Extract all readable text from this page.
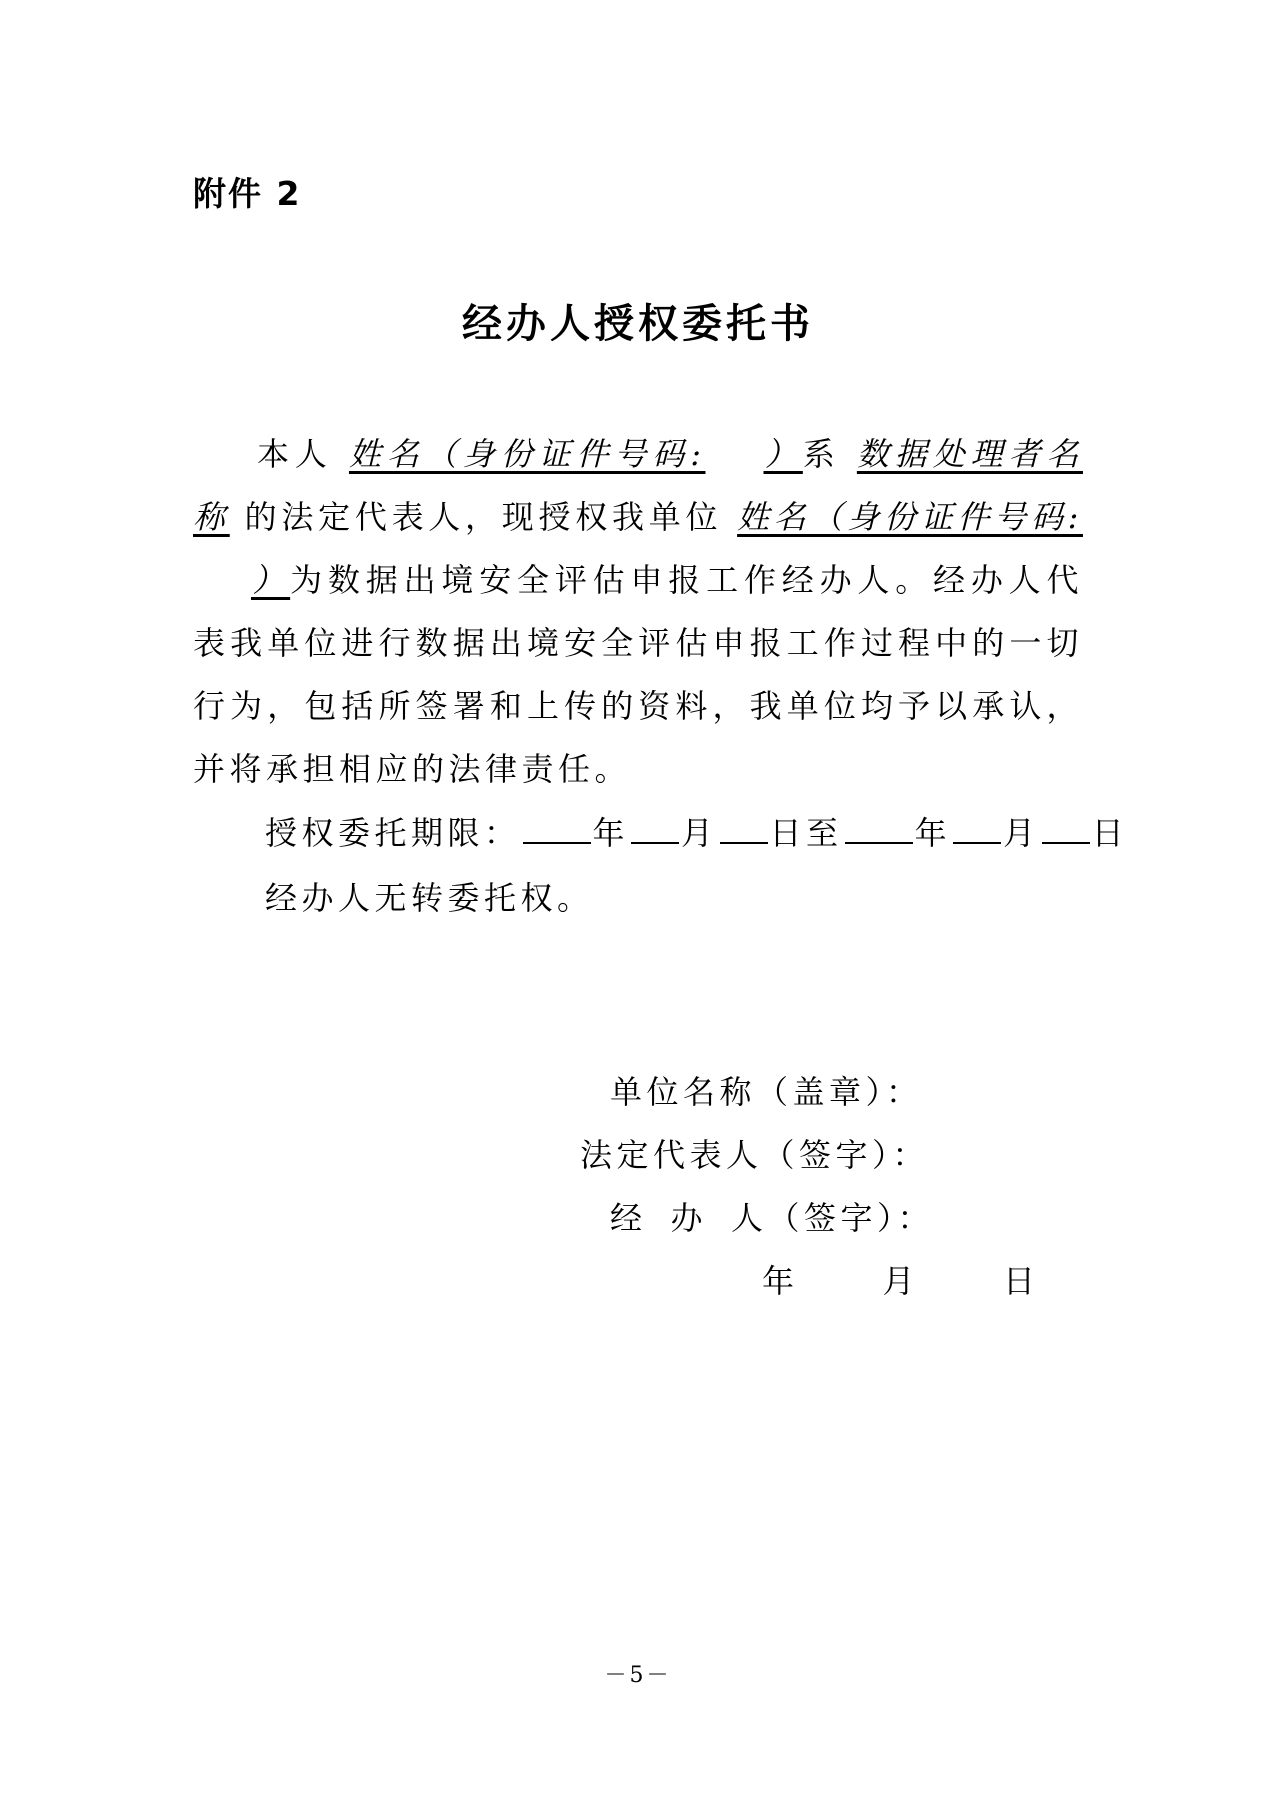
附件 2
经办人授权委托书

本人 姓名（身份证件号码: ）系 数据处理者名称 的法定代表人，现授权我单位 姓名（身份证件号码:）为数据出境安全评估申报工作经办人。经办人代表我单位进行数据出境安全评估申报工作过程中的一切行为，包括所签署和上传的资料，我单位均予以承认，并将承担相应的法律责任。

授权委托期限： 年 月 日至 年 月 日
经办人无转委托权。
单位名称（盖章）：
法定代表人（签字）：
经 办 人（签字）：
年	月	日
－5－
